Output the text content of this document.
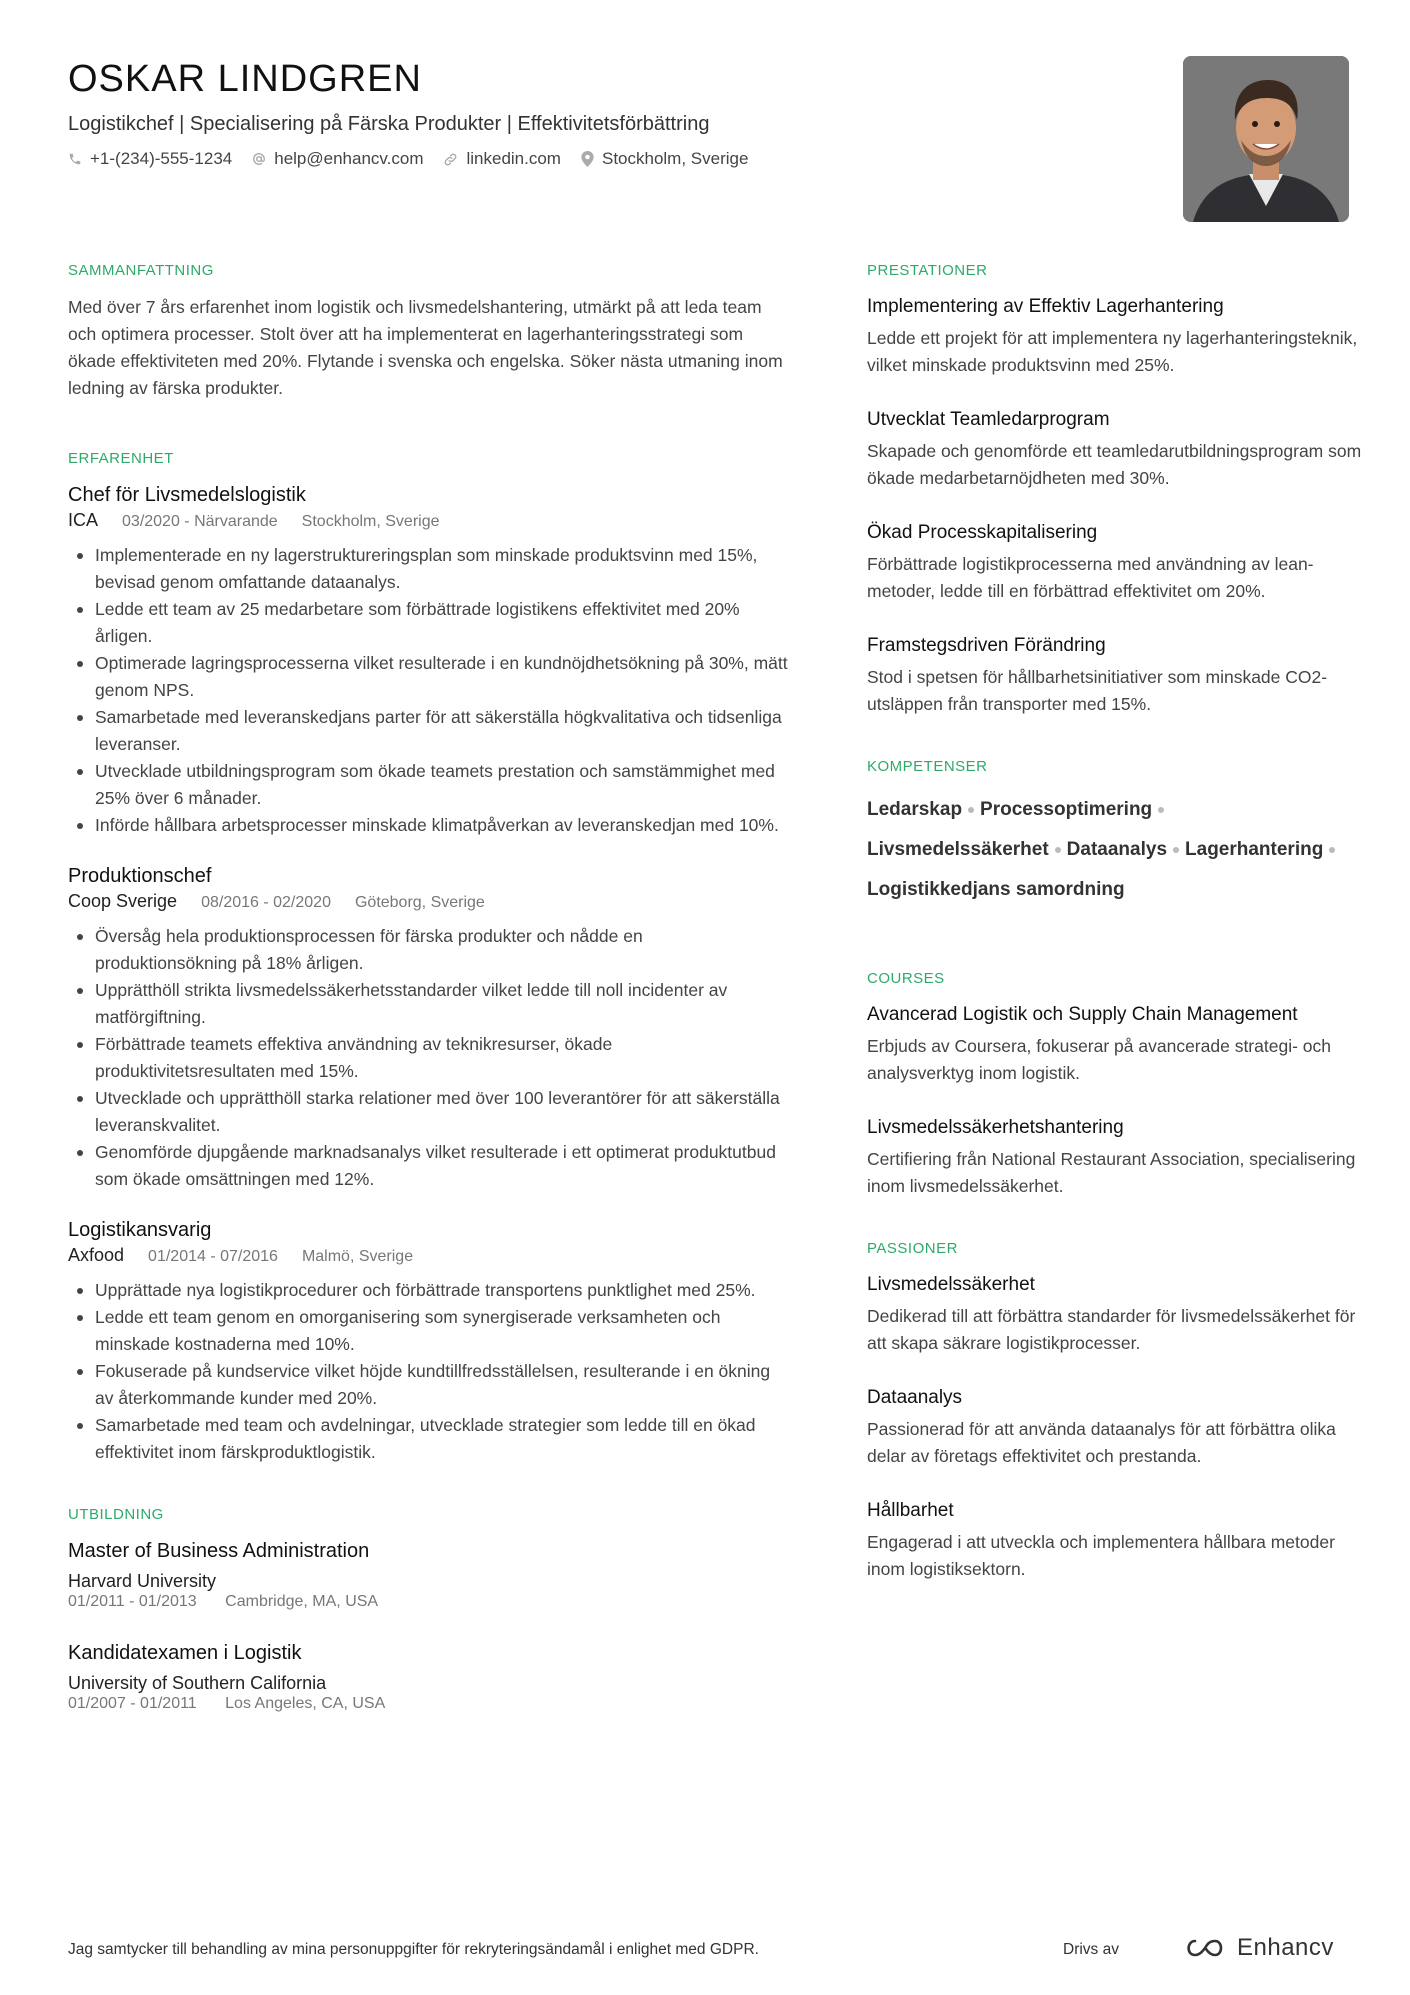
OSKAR LINDGREN
Logistikchef | Specialisering på Färska Produkter | Effektivitetsförbättring
+1-(234)-555-1234 help@enhancv.com	linkedin.com Stockholm, Sverige
SAMMANFATTNING

Med över 7 års erfarenhet inom logistik och livsmedelshantering, utmärkt på att leda team och optimera processer. Stolt över att ha implementerat en lagerhanteringsstrategi som ökade effektiviteten med 20%. Flytande i svenska och engelska. Söker nästa utmaning inom ledning av färska produkter.

ERFARENHET
Chef för Livsmedelslogistik
ICA 03/2020 - Närvarande Stockholm, Sverige
Implementerade en ny lagerstruktureringsplan som minskade produktsvinn med 15%, bevisad genom omfattande dataanalys.
Ledde ett team av 25 medarbetare som förbättrade logistikens effektivitet med 20% årligen.
Optimerade lagringsprocesserna vilket resulterade i en kundnöjdhetsökning på 30%, mätt genom NPS.
Samarbetade med leveranskedjans parter för att säkerställa högkvalitativa och tidsenliga leveranser.
Utvecklade utbildningsprogram som ökade teamets prestation och samstämmighet med 25% över 6 månader.
Införde hållbara arbetsprocesser minskade klimatpåverkan av leveranskedjan med 10%.
Produktionschef
Coop Sverige 08/2016 - 02/2020 Göteborg, Sverige
Översåg hela produktionsprocessen för färska produkter och nådde en produktionsökning på 18% årligen.
Upprätthöll strikta livsmedelssäkerhetsstandarder vilket ledde till noll incidenter av matförgiftning.
Förbättrade teamets effektiva användning av teknikresurser, ökade produktivitetsresultaten med 15%.
Utvecklade och upprätthöll starka relationer med över 100 leverantörer för att säkerställa leveranskvalitet.
Genomförde djupgående marknadsanalys vilket resulterade i ett optimerat produktutbud som ökade omsättningen med 12%.
Logistikansvarig
Axfood 01/2014 - 07/2016 Malmö, Sverige
Upprättade nya logistikprocedurer och förbättrade transportens punktlighet med 25%.
Ledde ett team genom en omorganisering som synergiserade verksamheten och minskade kostnaderna med 10%.
Fokuserade på kundservice vilket höjde kundtillfredsställelsen, resulterande i en ökning av återkommande kunder med 20%.
Samarbetade med team och avdelningar, utvecklade strategier som ledde till en ökad effektivitet inom färskproduktlogistik.
UTBILDNING
Master of Business Administration
Harvard University
01/2011 - 01/2013 Cambridge, MA, USA
Kandidatexamen i Logistik
University of Southern California
01/2007 - 01/2011 Los Angeles, CA, USA
PRESTATIONER
Implementering av Effektiv Lagerhantering
Ledde ett projekt för att implementera ny lagerhanteringsteknik, vilket minskade produktsvinn med 25%.
Utvecklat Teamledarprogram
Skapade och genomförde ett teamledarutbildningsprogram som ökade medarbetarnöjdheten med 30%.
Ökad Processkapitalisering
Förbättrade logistikprocesserna med användning av lean-metoder, ledde till en förbättrad effektivitet om 20%.
Framstegsdriven Förändring
Stod i spetsen för hållbarhetsinitiativer som minskade CO2-utsläppen från transporter med 15%.
KOMPETENSER
Ledarskap Processoptimering
Livsmedelssäkerhet Dataanalys Lagerhantering
Logistikkedjans samordning
COURSES
Avancerad Logistik och Supply Chain Management
Erbjuds av Coursera, fokuserar på avancerade strategi- och analysverktyg inom logistik.
Livsmedelssäkerhetshantering
Certifiering från National Restaurant Association, specialisering inom livsmedelssäkerhet.
PASSIONER
Livsmedelssäkerhet
Dedikerad till att förbättra standarder för livsmedelssäkerhet för att skapa säkrare logistikprocesser.
Dataanalys
Passionerad för att använda dataanalys för att förbättra olika delar av företags effektivitet och prestanda.
Hållbarhet
Engagerad i att utveckla och implementera hållbara metoder inom logistiksektorn.
Jag samtycker till behandling av mina personuppgifter för rekryteringsändamål i enlighet med GDPR.	Drivs av	Enhancv
